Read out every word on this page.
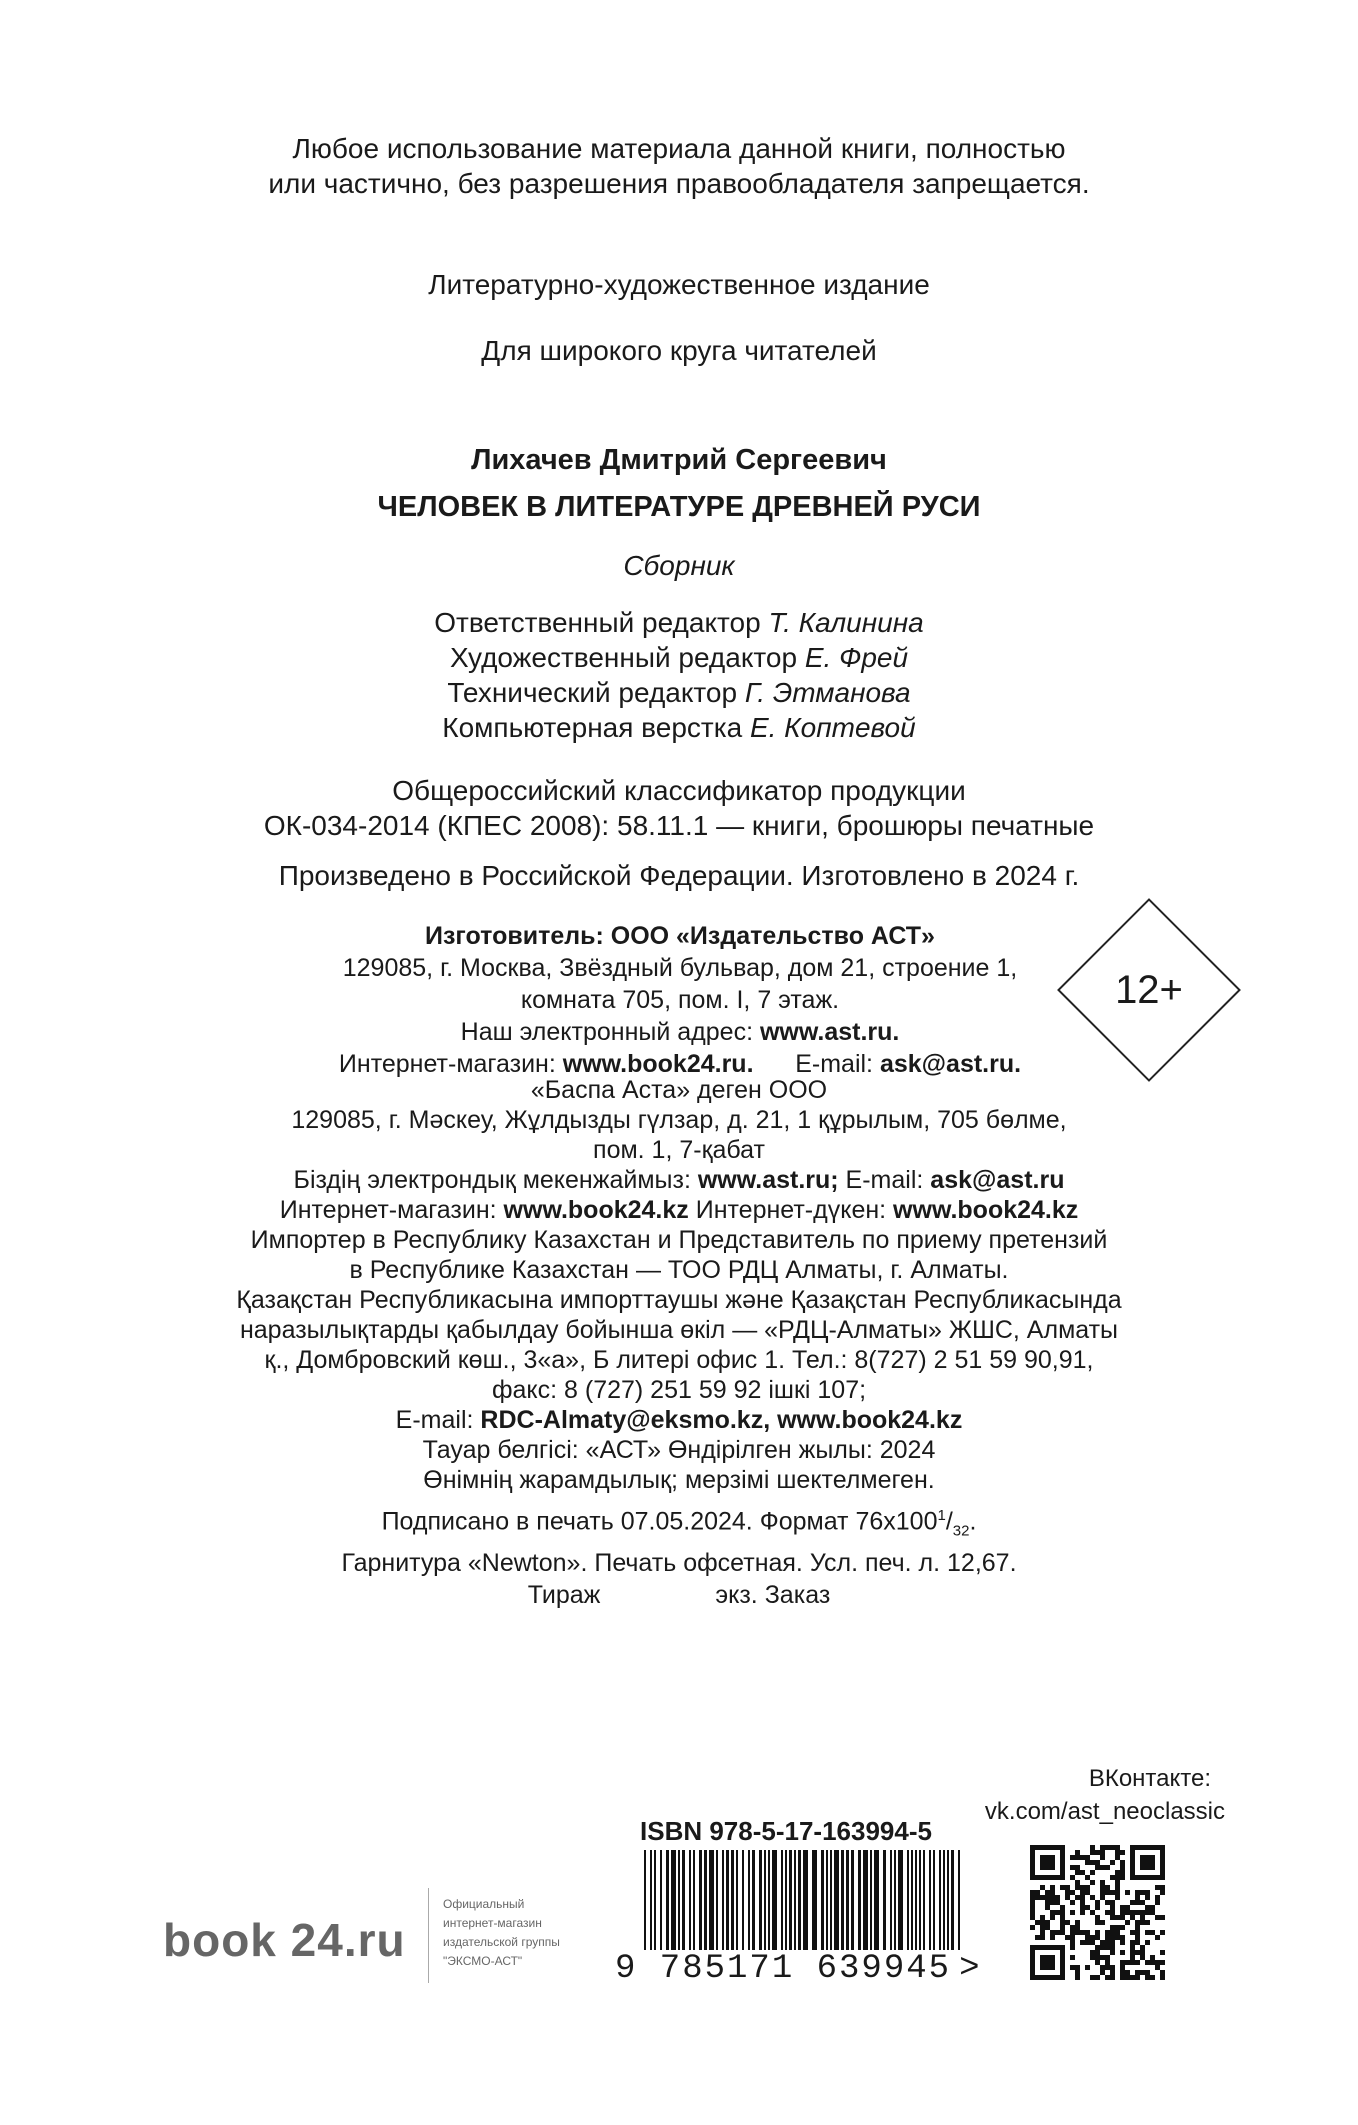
Любое использование материала данной книги, полностью
или частично, без разрешения правообладателя запрещается.
Литературно-художественное издание
Для широкого круга читателей
Лихачев Дмитрий Сергеевич
ЧЕЛОВЕК В ЛИТЕРАТУРЕ ДРЕВНЕЙ РУСИ
Сборник
Ответственный редактор Т. Калинина
Художественный редактор Е. Фрей
Технический редактор Г. Этманова
Компьютерная верстка Е. Коптевой
Общероссийский классификатор продукции
ОК-034-2014 (КПЕС 2008): 58.11.1 — книги, брошюры печатные
Произведено в Российской Федерации. Изготовлено в 2024 г.
Изготовитель: ООО «Издательство АСТ»
129085, г. Москва, Звёздный бульвар, дом 21, строение 1,
комната 705, пом. I, 7 этаж.
Наш электронный адрес: www.ast.ru.
Интернет-магазин: www.book24.ru. E-mail: ask@ast.ru.
12+
«Баспа Аста» деген ООО
129085, г. Мәскеу, Жұлдызды гүлзар, д. 21, 1 құрылым, 705 бөлме,
пом. 1, 7-қабат
Біздің электрондық мекенжаймыз: www.ast.ru; E-mail: ask@ast.ru
Интернет-магазин: www.book24.kz Интернет-дүкен: www.book24.kz
Импортер в Республику Казахстан и Представитель по приему претензий
в Республике Казахстан — ТОО РДЦ Алматы, г. Алматы.
Қазақстан Республикасына импорттаушы және Қазақстан Республикасында
наразылықтарды қабылдау бойынша өкіл — «РДЦ-Алматы» ЖШС, Алматы
қ., Домбровский көш., 3«а», Б литері офис 1. Тел.: 8(727) 2 51 59 90,91,
факс: 8 (727) 251 59 92 ішкі 107;
E-mail: RDC-Almaty@eksmo.kz, www.book24.kz
Тауар белгісі: «АСТ» Өндірілген жылы: 2024
Өнімнің жарамдылық; мерзімі шектелмеген.
Подписано в печать 07.05.2024. Формат $76x100^1/_{32}$.
Гарнитура «Newton». Печать офсетная. Усл. печ. л. 12,67.
Тираж	экз. Заказ
ВКонтакте:
vk.com/ast_neoclassic
ISBN 978-5-17-163994-5
9 785171 639945 >
book 24.ru
Официальный
интернет-магазин
издательской группы
"ЭКСМО-АСТ"
